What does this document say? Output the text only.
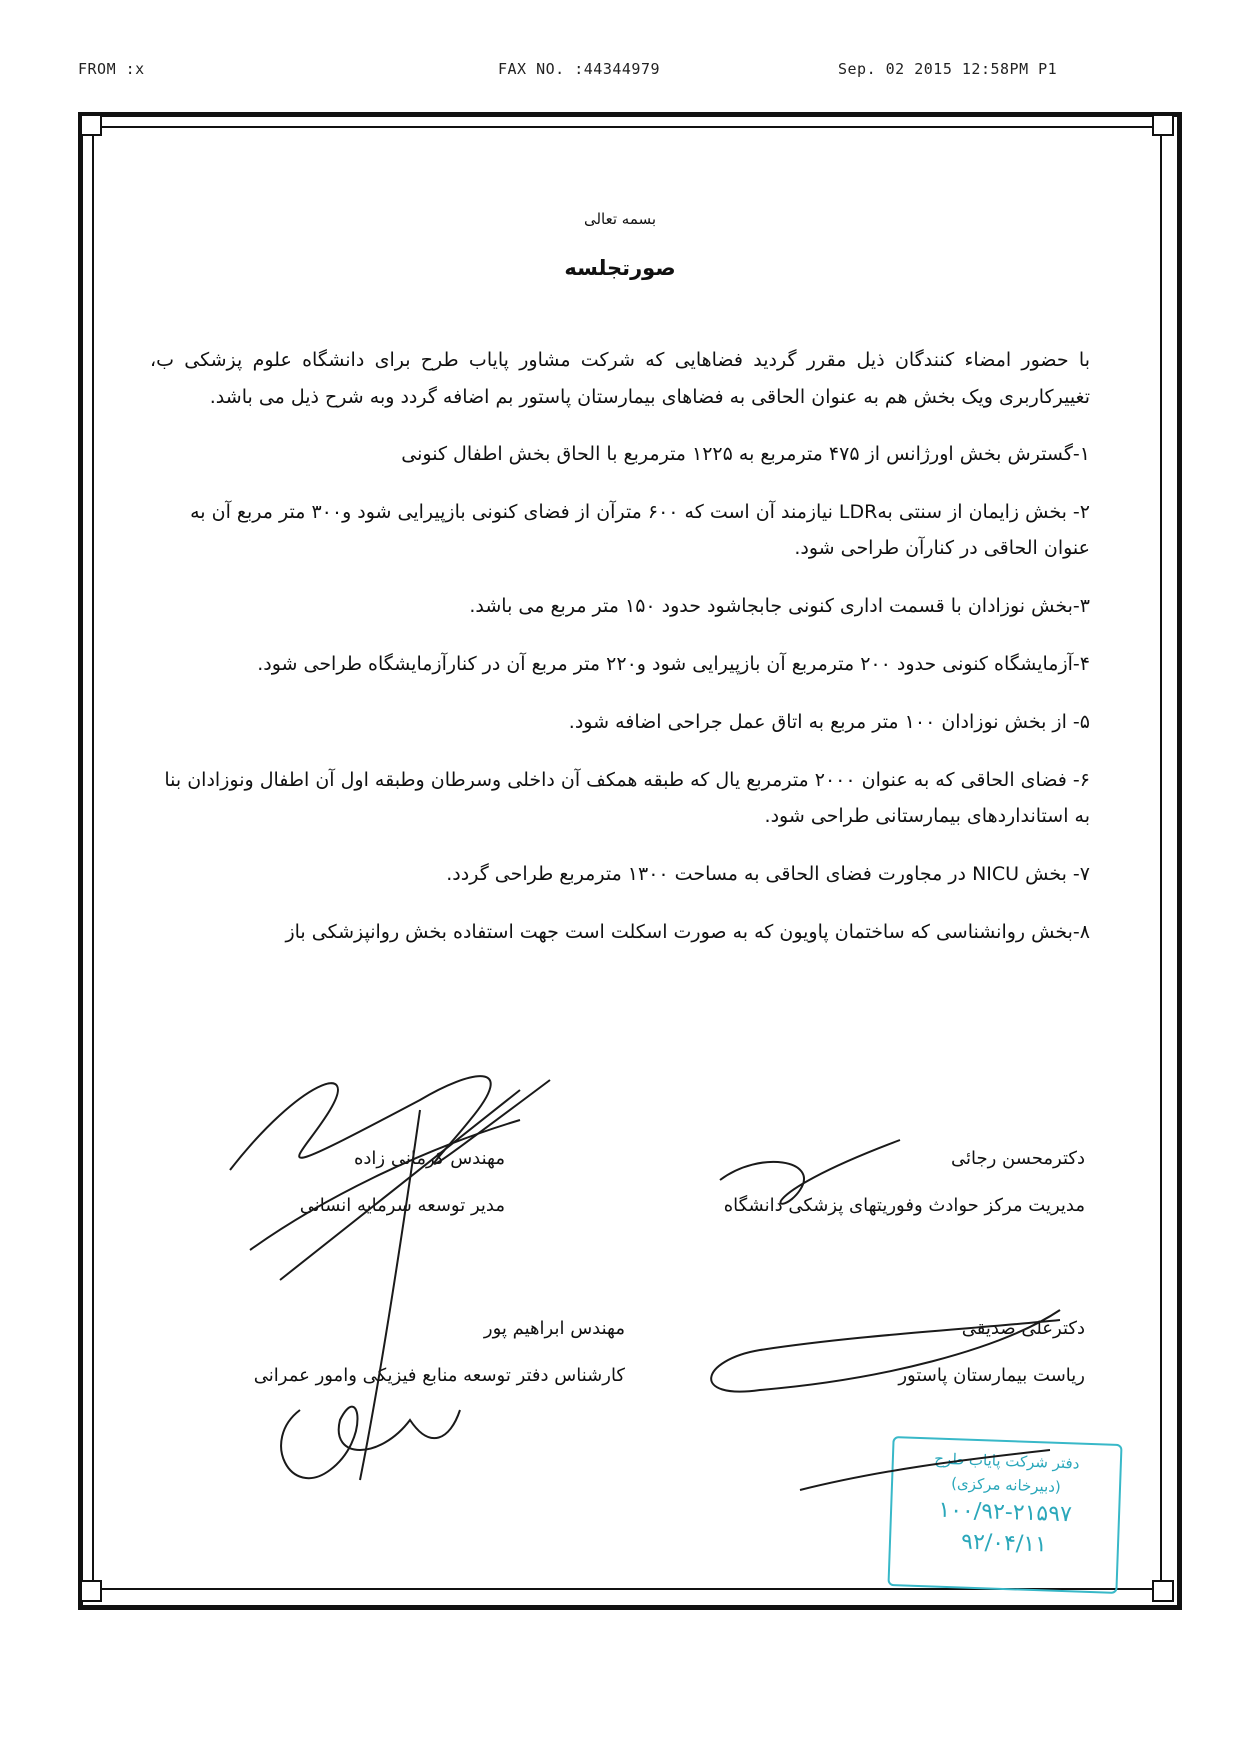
FROM :x	FAX NO. :44344979	Sep. 02 2015 12:58PM P1
بسمه تعالی
صورتجلسه

با حضور امضاء کنندگان ذیل مقرر گردید فضاهایی که شرکت مشاور پایاب طرح برای دانشگاه علوم پزشکی ب، تغییرکاربری ویک بخش هم به عنوان الحاقی به فضاهای بیمارستان پاستور بم اضافه گردد وبه شرح ذیل می باشد.

۱-گسترش بخش اورژانس از ۴۷۵ مترمربع به ۱۲۲۵ مترمربع با الحاق بخش اطفال کنونی

۲- بخش زایمان از سنتی بهLDR نیازمند آن است که ۶۰۰ مترآن از فضای کنونی بازپیرایی شود و۳۰۰ متر مربع آن به عنوان الحاقی در کنارآن طراحی شود.

۳-بخش نوزادان با قسمت اداری کنونی جابجاشود حدود ۱۵۰ متر مربع می باشد.

۴-آزمایشگاه کنونی حدود ۲۰۰ مترمربع آن بازپیرایی شود و۲۲۰ متر مربع آن در کنارآزمایشگاه طراحی شود.

۵- از بخش نوزادان ۱۰۰ متر مربع به اتاق عمل جراحی اضافه شود.

۶- فضای الحاقی که به عنوان ۲۰۰۰ مترمربع یال که طبقه همکف آن داخلی وسرطان وطبقه اول آن اطفال ونوزادان بنا به استانداردهای بیمارستانی طراحی شود.

۷- بخش NICU در مجاورت فضای الحاقی به مساحت ۱۳۰۰ مترمربع طراحی گردد.

۸-بخش روانشناسی که ساختمان پاویون که به صورت اسکلت است جهت استفاده بخش روانپزشکی باز

دکترمحسن رجائی
مدیریت مرکز حوادث وفوریتهای پزشکی دانشگاه
مهندس کرمانی زاده
مدیر توسعه سرمایه انسانی
دکترعلی صدیقی
ریاست بیمارستان پاستور
مهندس ابراهیم پور
کارشناس دفتر توسعه منابع فیزیکی وامور عمرانی
دفتر شرکت پایاب طرح
(دبیرخانه مرکزی)
۱۰۰/۹۲-۲۱۵۹۷
۹۲/۰۴/۱۱
